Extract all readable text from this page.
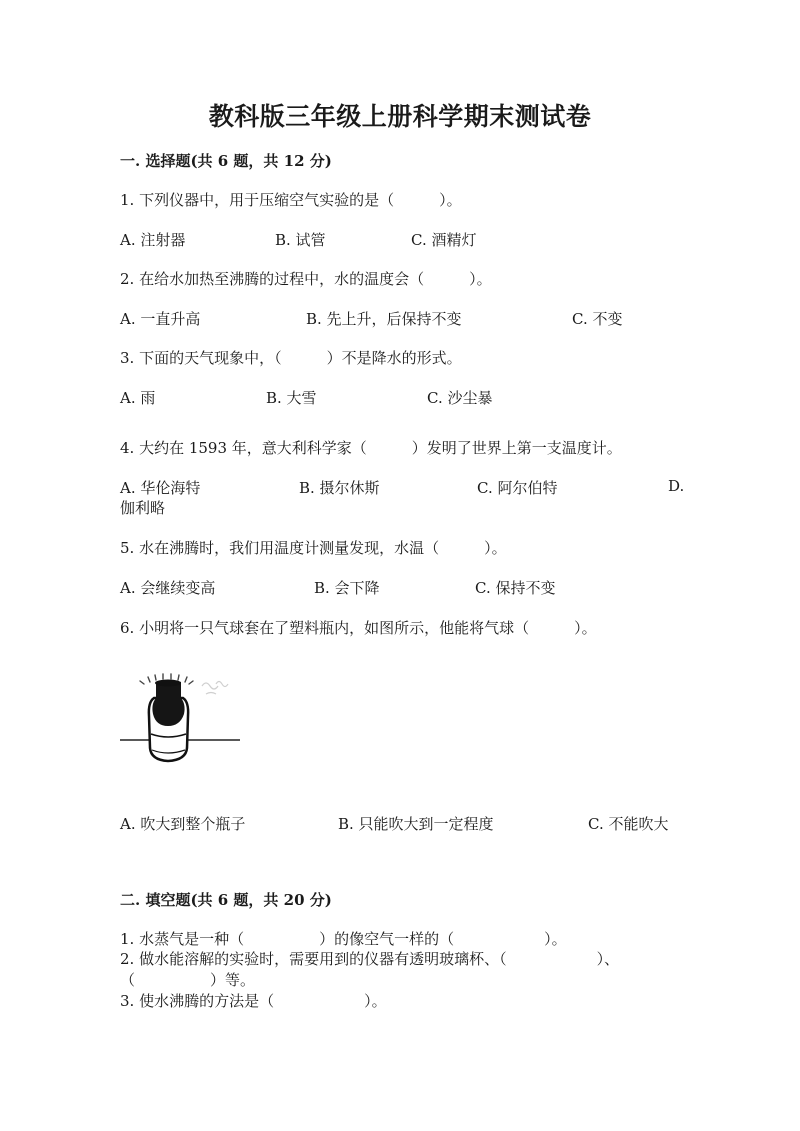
教科版三年级上册科学期末测试卷
一. 选择题(共 6 题，共 12 分)
1. 下列仪器中，用于压缩空气实验的是（　　　）。
A. 注射器	B. 试管	C. 酒精灯
2. 在给水加热至沸腾的过程中，水的温度会（　　　）。
A. 一直升高	B. 先上升，后保持不变	C. 不变
3. 下面的天气现象中，（　　　）不是降水的形式。
A. 雨	B. 大雪	C. 沙尘暴
4. 大约在 1593 年，意大利科学家（　　　）发明了世界上第一支温度计。
A. 华伦海特	B. 摄尔休斯	C. 阿尔伯特	D.
伽利略
5. 水在沸腾时，我们用温度计测量发现，水温（　　　）。
A. 会继续变高	B. 会下降	C. 保持不变
6. 小明将一只气球套在了塑料瓶内，如图所示，他能将气球（　　　）。
A. 吹大到整个瓶子	B. 只能吹大到一定程度	C. 不能吹大
二. 填空题(共 6 题，共 20 分)
1. 水蒸气是一种（　　　　　）的像空气一样的（　　　　　　）。
2. 做水能溶解的实验时，需要用到的仪器有透明玻璃杯、（　　　　　　）、
（　　　　　）等。
3. 使水沸腾的方法是（　　　　　　）。
